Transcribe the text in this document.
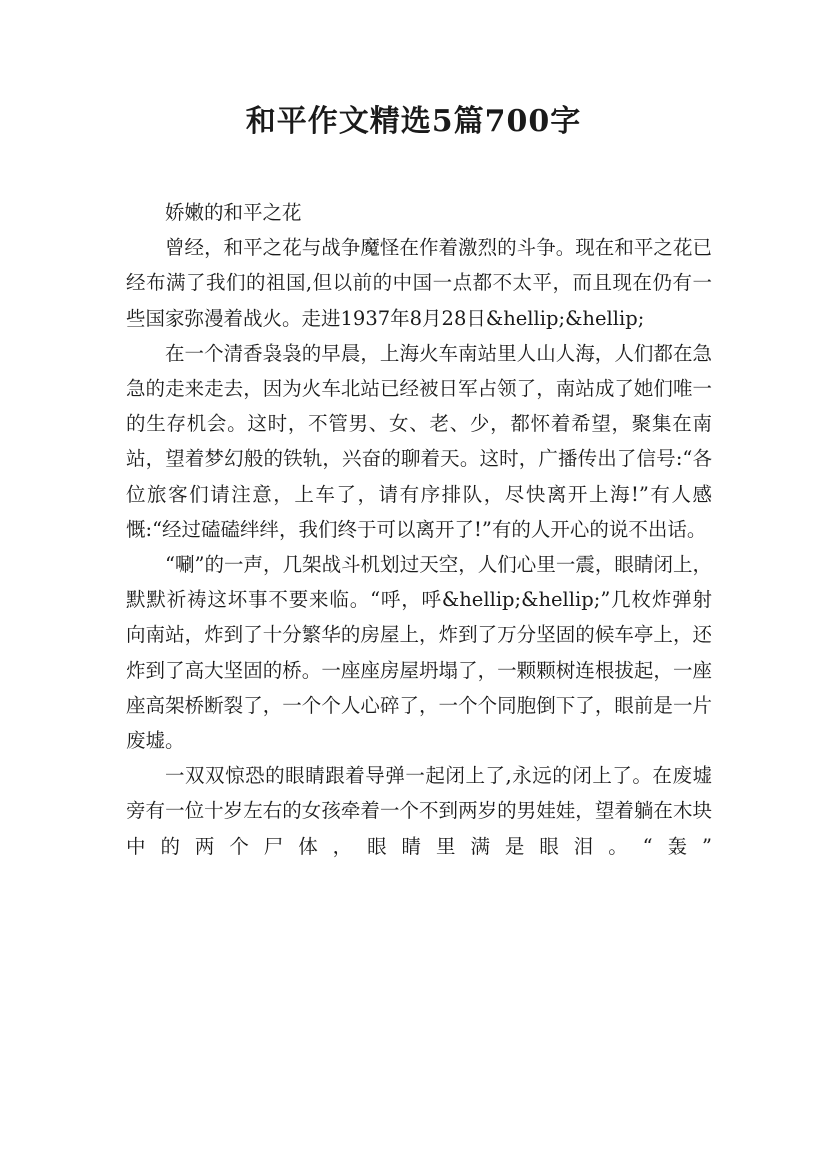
和平作文精选5篇700字

娇嫩的和平之花

曾经，和平之花与战争魔怪在作着激烈的斗争。现在和平之花已经布满了我们的祖国,但以前的中国一点都不太平，而且现在仍有一些国家弥漫着战火。走进1937年8月28日&hellip;&hellip;

在一个清香袅袅的早晨，上海火车南站里人山人海，人们都在急急的走来走去，因为火车北站已经被日军占领了，南站成了她们唯一的生存机会。这时，不管男、女、老、少，都怀着希望，聚集在南站，望着梦幻般的铁轨，兴奋的聊着天。这时，广播传出了信号:“各位旅客们请注意，上车了，请有序排队，尽快离开上海!”有人感慨:“经过磕磕绊绊，我们终于可以离开了!”有的人开心的说不出话。

“唰”的一声，几架战斗机划过天空，人们心里一震，眼睛闭上，默默祈祷这坏事不要来临。“呼，呼&hellip;&hellip;”几枚炸弹射向南站，炸到了十分繁华的房屋上，炸到了万分坚固的候车亭上，还炸到了高大坚固的桥。一座座房屋坍塌了，一颗颗树连根拔起，一座座高架桥断裂了，一个个人心碎了，一个个同胞倒下了，眼前是一片废墟。

一双双惊恐的眼睛跟着导弹一起闭上了,永远的闭上了。在废墟旁有一位十岁左右的女孩牵着一个不到两岁的男娃娃，望着躺在木块中的两个尸体，眼睛里满是眼泪。“轰”
